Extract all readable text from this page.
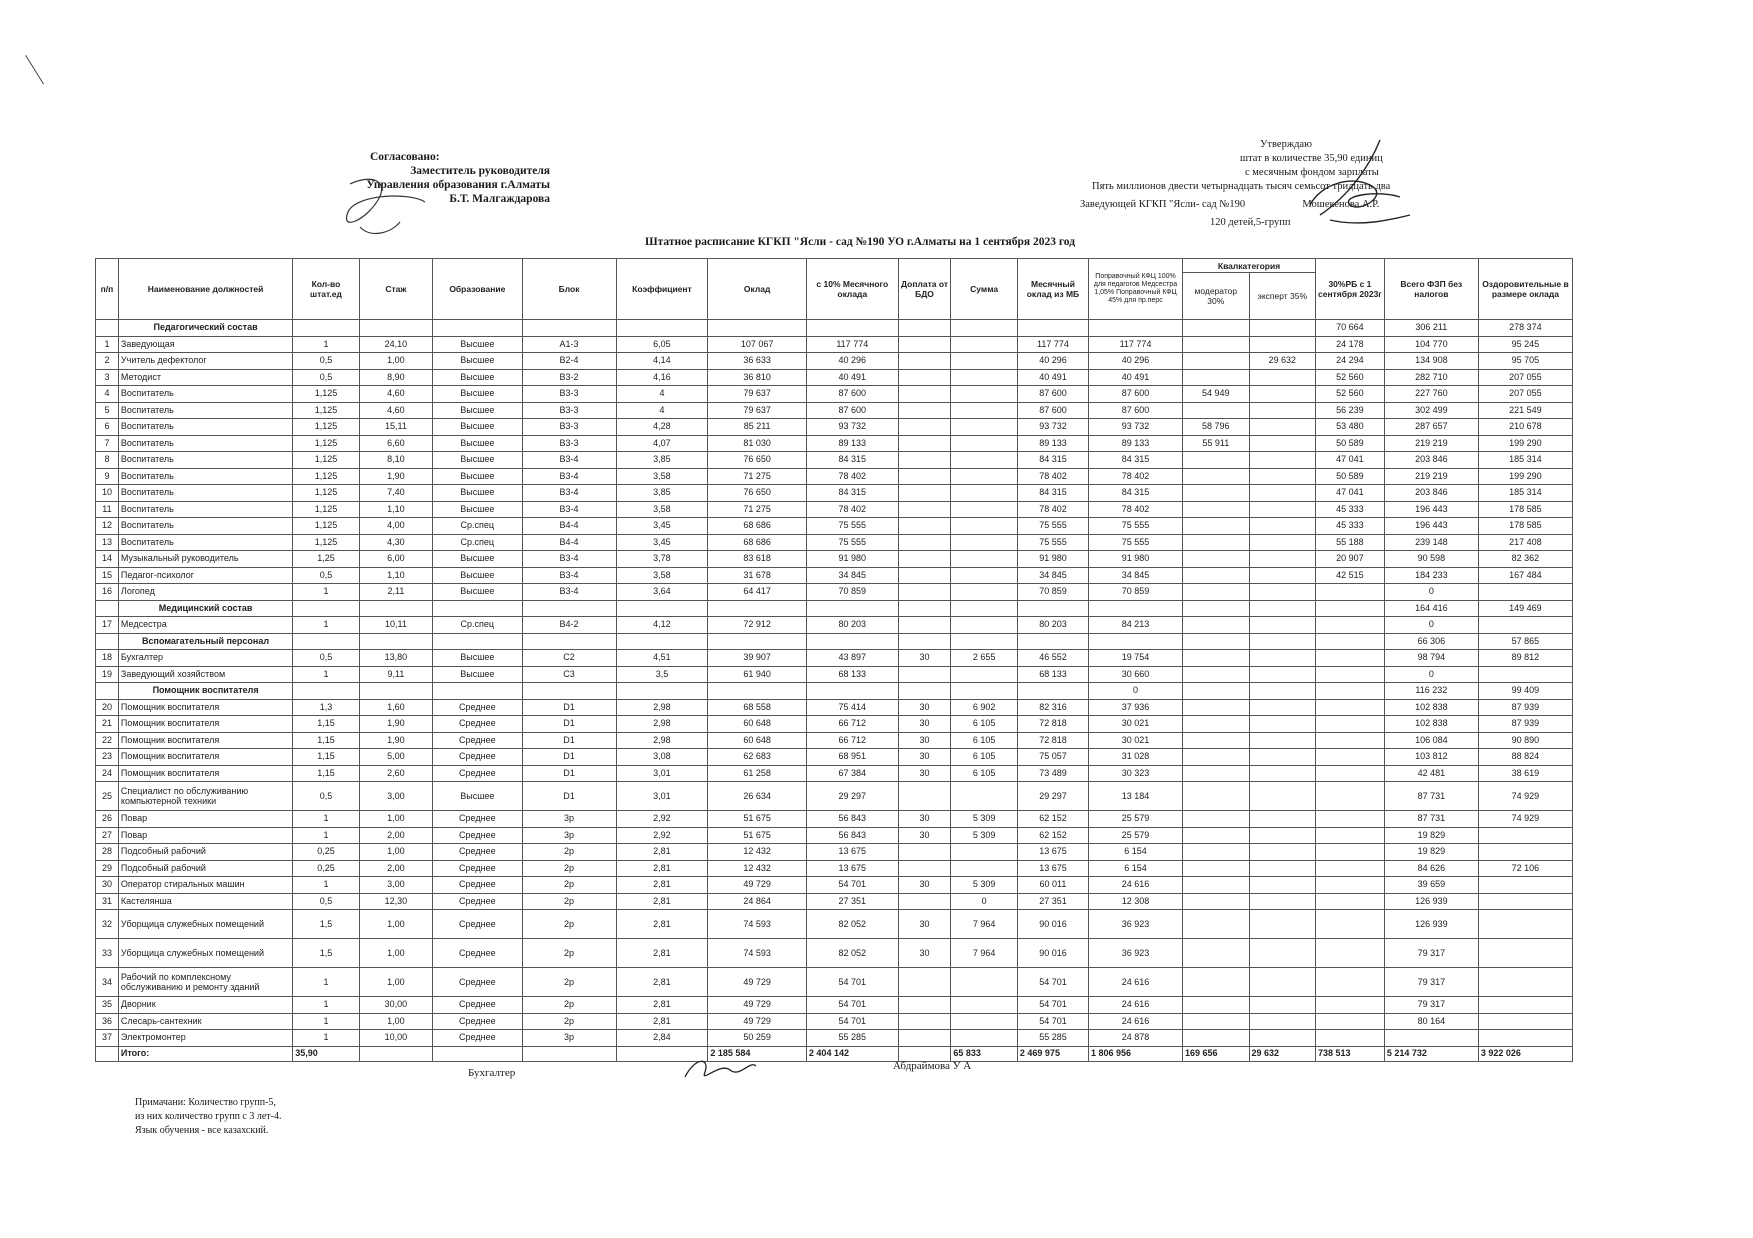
Согласовано:
Заместитель руководителя
Управления образования г.Алматы
Б.Т. Малгаждарова
Утверждаю
штат в количестве 35,90 единиц
с месячным фондом зарплаты
Пять миллионов двести четырнадцать тысяч семьсот тридцать два
Заведующей КГКП "Ясли- сад №190	Мошекенова А.Р.
120 детей,5-групп
Штатное расписание КГКП "Ясли - сад №190 УО г.Алматы на 1 сентября 2023 год
п/п	Наименование должностей	Кол-во штат.ед	Стаж	Образование	Блок	Коэффициент	Оклад	с 10% Месячного оклада	Доплата от БДО	Сумма	Месячный оклад из МБ	Поправочный КФЦ 100% для педагогов Медсестра 1,05% Поправочный КФЦ 45% для пр.перс	Квалкатегория		30%РБ с 1 сентября 2023г	Всего ФЗП без налогов	Оздоровительные в размере оклада
													модератор 30%	эксперт 35%			
	Педагогический состав														70 664	306 211	278 374
1	Заведующая	1	24,10	Высшее	A1-3	6,05	107 067	117 774			117 774	117 774			24 178	104 770	95 245
2	Учитель дефектолог	0,5	1,00	Высшее	B2-4	4,14	36 633	40 296			40 296	40 296		29 632	24 294	134 908	95 705
3	Методист	0,5	8,90	Высшее	B3-2	4,16	36 810	40 491			40 491	40 491			52 560	282 710	207 055
4	Воспитатель	1,125	4,60	Высшее	B3-3	4	79 637	87 600			87 600	87 600	54 949		52 560	227 760	207 055
5	Воспитатель	1,125	4,60	Высшее	B3-3	4	79 637	87 600			87 600	87 600			56 239	302 499	221 549
6	Воспитатель	1,125	15,11	Высшее	B3-3	4,28	85 211	93 732			93 732	93 732	58 796		53 480	287 657	210 678
7	Воспитатель	1,125	6,60	Высшее	B3-3	4,07	81 030	89 133			89 133	89 133	55 911		50 589	219 219	199 290
8	Воспитатель	1,125	8,10	Высшее	B3-4	3,85	76 650	84 315			84 315	84 315			47 041	203 846	185 314
9	Воспитатель	1,125	1,90	Высшее	B3-4	3,58	71 275	78 402			78 402	78 402			50 589	219 219	199 290
10	Воспитатель	1,125	7,40	Высшее	B3-4	3,85	76 650	84 315			84 315	84 315			47 041	203 846	185 314
11	Воспитатель	1,125	1,10	Высшее	B3-4	3,58	71 275	78 402			78 402	78 402			45 333	196 443	178 585
12	Воспитатель	1,125	4,00	Ср.спец	B4-4	3,45	68 686	75 555			75 555	75 555			45 333	196 443	178 585
13	Воспитатель	1,125	4,30	Ср.спец	B4-4	3,45	68 686	75 555			75 555	75 555			55 188	239 148	217 408
14	Музыкальный руководитель	1,25	6,00	Высшее	B3-4	3,78	83 618	91 980			91 980	91 980			20 907	90 598	82 362
15	Педагог-психолог	0,5	1,10	Высшее	B3-4	3,58	31 678	34 845			34 845	34 845			42 515	184 233	167 484
16	Логопед	1	2,11	Высшее	B3-4	3,64	64 417	70 859			70 859	70 859				0	
	Медицинский состав															164 416	149 469
17	Медсестра	1	10,11	Ср.спец	B4-2	4,12	72 912	80 203			80 203	84 213				0	
	Вспомагательный персонал															66 306	57 865
18	Бухгалтер	0,5	13,80	Высшее	C2	4,51	39 907	43 897	30	2 655	46 552	19 754				98 794	89 812
19	Заведующий хозяйством	1	9,11	Высшее	C3	3,5	61 940	68 133			68 133	30 660				0	
	Помощник воспитателя											0				116 232	99 409
20	Помощник воспитателя	1,3	1,60	Среднее	D1	2,98	68 558	75 414	30	6 902	82 316	37 936				102 838	87 939
21	Помощник воспитателя	1,15	1,90	Среднее	D1	2,98	60 648	66 712	30	6 105	72 818	30 021				102 838	87 939
22	Помощник воспитателя	1,15	1,90	Среднее	D1	2,98	60 648	66 712	30	6 105	72 818	30 021				106 084	90 890
23	Помощник воспитателя	1,15	5,00	Среднее	D1	3,08	62 683	68 951	30	6 105	75 057	31 028				103 812	88 824
24	Помощник воспитателя	1,15	2,60	Среднее	D1	3,01	61 258	67 384	30	6 105	73 489	30 323				42 481	38 619
25	Специалист по обслуживанию компьютерной техники	0,5	3,00	Высшее	D1	3,01	26 634	29 297			29 297	13 184				87 731	74 929
26	Повар	1	1,00	Среднее	3p	2,92	51 675	56 843	30	5 309	62 152	25 579				87 731	74 929
27	Повар	1	2,00	Среднее	3p	2,92	51 675	56 843	30	5 309	62 152	25 579				19 829	
28	Подсобный рабочий	0,25	1,00	Среднее	2p	2,81	12 432	13 675			13 675	6 154				19 829	
29	Подсобный рабочий	0,25	2,00	Среднее	2p	2,81	12 432	13 675			13 675	6 154				84 626	72 106
30	Оператор стиральных машин	1	3,00	Среднее	2p	2,81	49 729	54 701	30	5 309	60 011	24 616				39 659	
31	Кастелянша	0,5	12,30	Среднее	2p	2,81	24 864	27 351		0	27 351	12 308				126 939	
32	Уборщица служебных помещений	1,5	1,00	Среднее	2p	2,81	74 593	82 052	30	7 964	90 016	36 923				126 939	
33	Уборщица служебных помещений	1,5	1,00	Среднее	2p	2,81	74 593	82 052	30	7 964	90 016	36 923				79 317	
34	Рабочий по комплексному обслуживанию и ремонту зданий	1	1,00	Среднее	2p	2,81	49 729	54 701			54 701	24 616				79 317	
35	Дворник	1	30,00	Среднее	2p	2,81	49 729	54 701			54 701	24 616				79 317	
36	Слесарь-сантехник	1	1,00	Среднее	2p	2,81	49 729	54 701			54 701	24 616				80 164	
37	Электромонтер	1	10,00	Среднее	3p	2,84	50 259	55 285			55 285	24 878					
	Итого:	35,90					2 185 584	2 404 142		65 833	2 469 975	1 806 956	169 656	29 632	738 513	5 214 732	3 922 026
Бухгалтер
Абдраймова У А
Примачани: Количество групп-5,
из них количество групп с 3 лет-4.
Язык обучения - все казахский.
